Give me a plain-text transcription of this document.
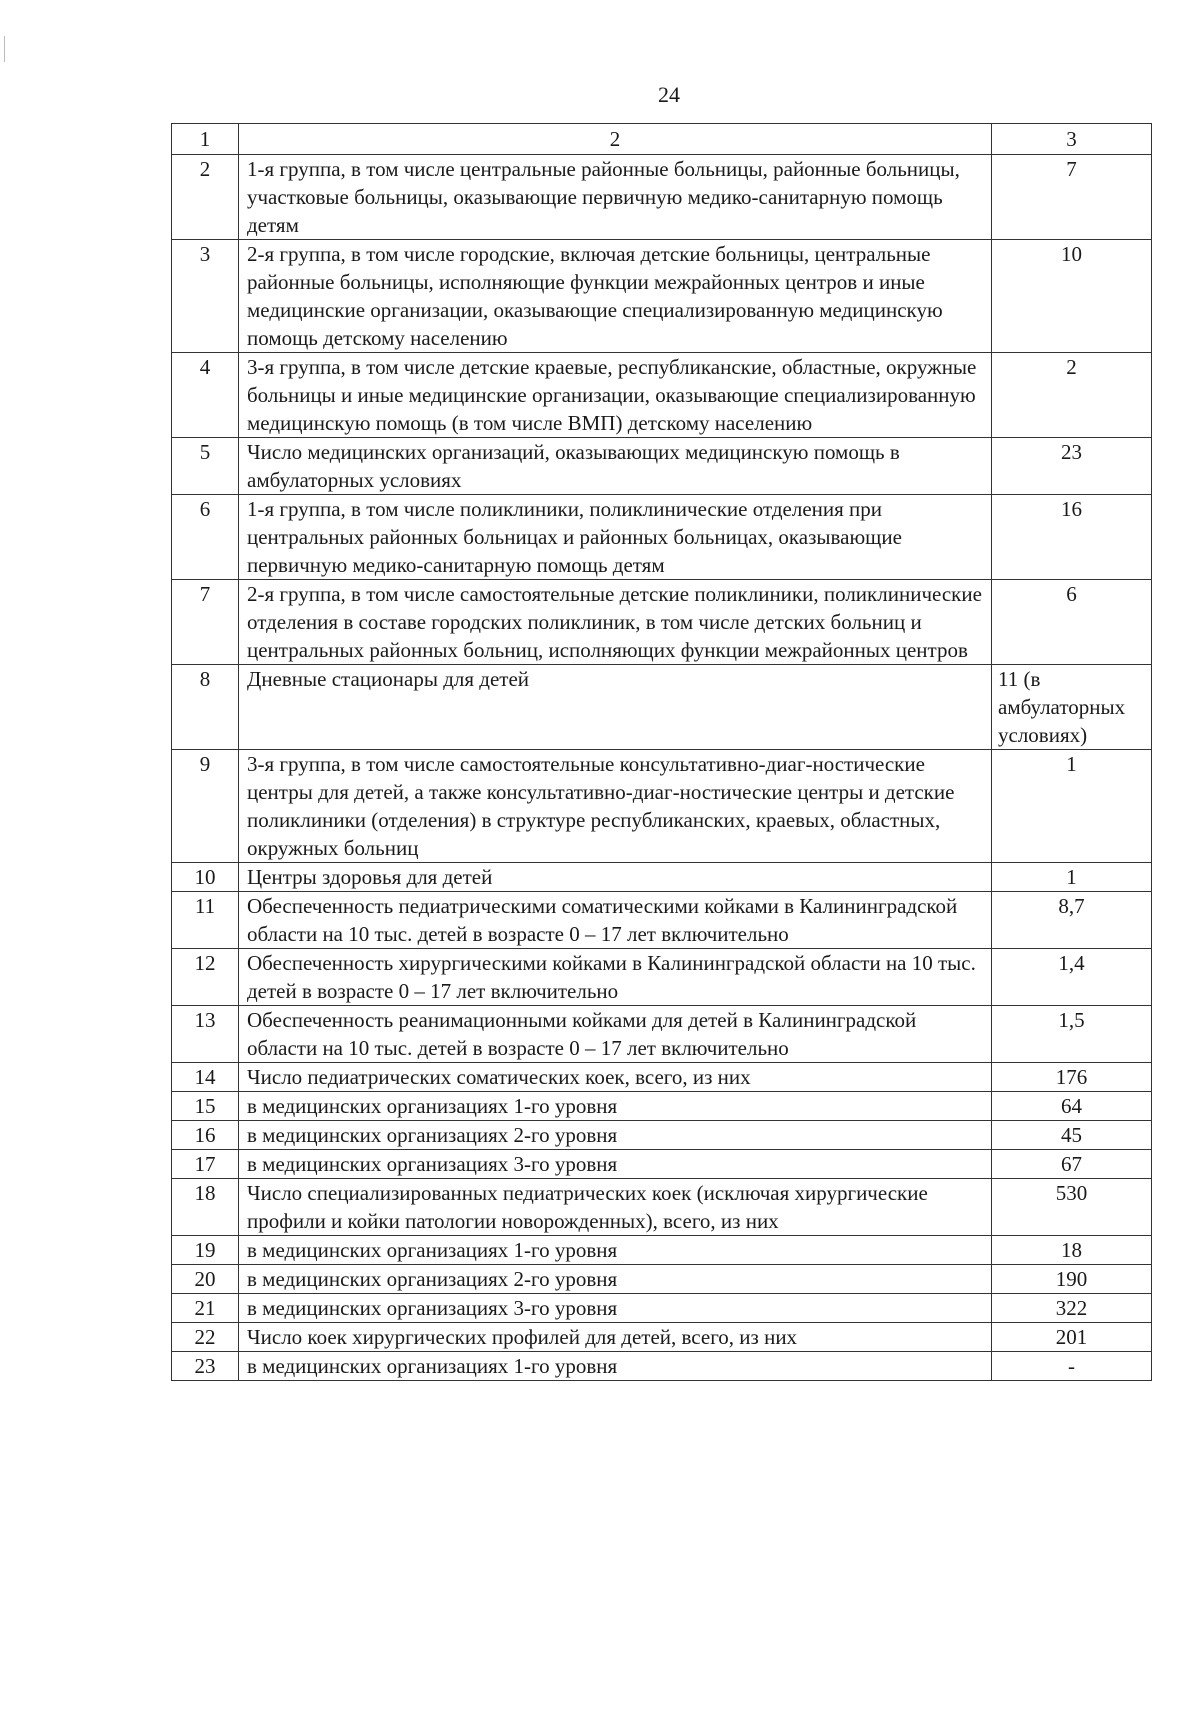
24
1	2	3
2	1-я группа, в том числе центральные районные больницы, районные больницы, участковые больницы, оказывающие первичную медико-санитарную помощь детям	7
3	2-я группа, в том числе городские, включая детские больницы, центральные районные больницы, исполняющие функции межрайонных центров и иные медицинские организации, оказывающие специализированную медицинскую помощь детскому населению	10
4	3-я группа, в том числе детские краевые, республиканские, областные, окружные больницы и иные медицинские организации, оказывающие специализированную медицинскую помощь (в том числе ВМП) детскому населению	2
5	Число медицинских организаций, оказывающих медицинскую помощь в амбулаторных условиях	23
6	1-я группа, в том числе поликлиники, поликлинические отделения при центральных районных больницах и районных больницах, оказывающие первичную медико-санитарную помощь детям	16
7	2-я группа, в том числе самостоятельные детские поликлиники, поликлинические отделения в составе городских поликлиник, в том числе детских больниц и центральных районных больниц, исполняющих функции межрайонных центров	6
8	Дневные стационары для детей	11 (в амбулаторных условиях)
9	3-я группа, в том числе самостоятельные консультативно-диаг-ностические центры для детей, а также консультативно-диаг-ностические центры и детские поликлиники (отделения) в структуре республиканских, краевых, областных, окружных больниц	1
10	Центры здоровья для детей	1
11	Обеспеченность педиатрическими соматическими койками в Калининградской области на 10 тыс. детей в возрасте 0 – 17 лет включительно	8,7
12	Обеспеченность хирургическими койками в Калининградской области на 10 тыс. детей в возрасте 0 – 17 лет включительно	1,4
13	Обеспеченность реанимационными койками для детей в Калининградской области на 10 тыс. детей в возрасте 0 – 17 лет включительно	1,5
14	Число педиатрических соматических коек, всего, из них	176
15	в медицинских организациях 1-го уровня	64
16	в медицинских организациях 2-го уровня	45
17	в медицинских организациях 3-го уровня	67
18	Число специализированных педиатрических коек (исключая хирургические профили и койки патологии новорожденных), всего, из них	530
19	в медицинских организациях 1-го уровня	18
20	в медицинских организациях 2-го уровня	190
21	в медицинских организациях 3-го уровня	322
22	Число коек хирургических профилей для детей, всего, из них	201
23	в медицинских организациях 1-го уровня	-
